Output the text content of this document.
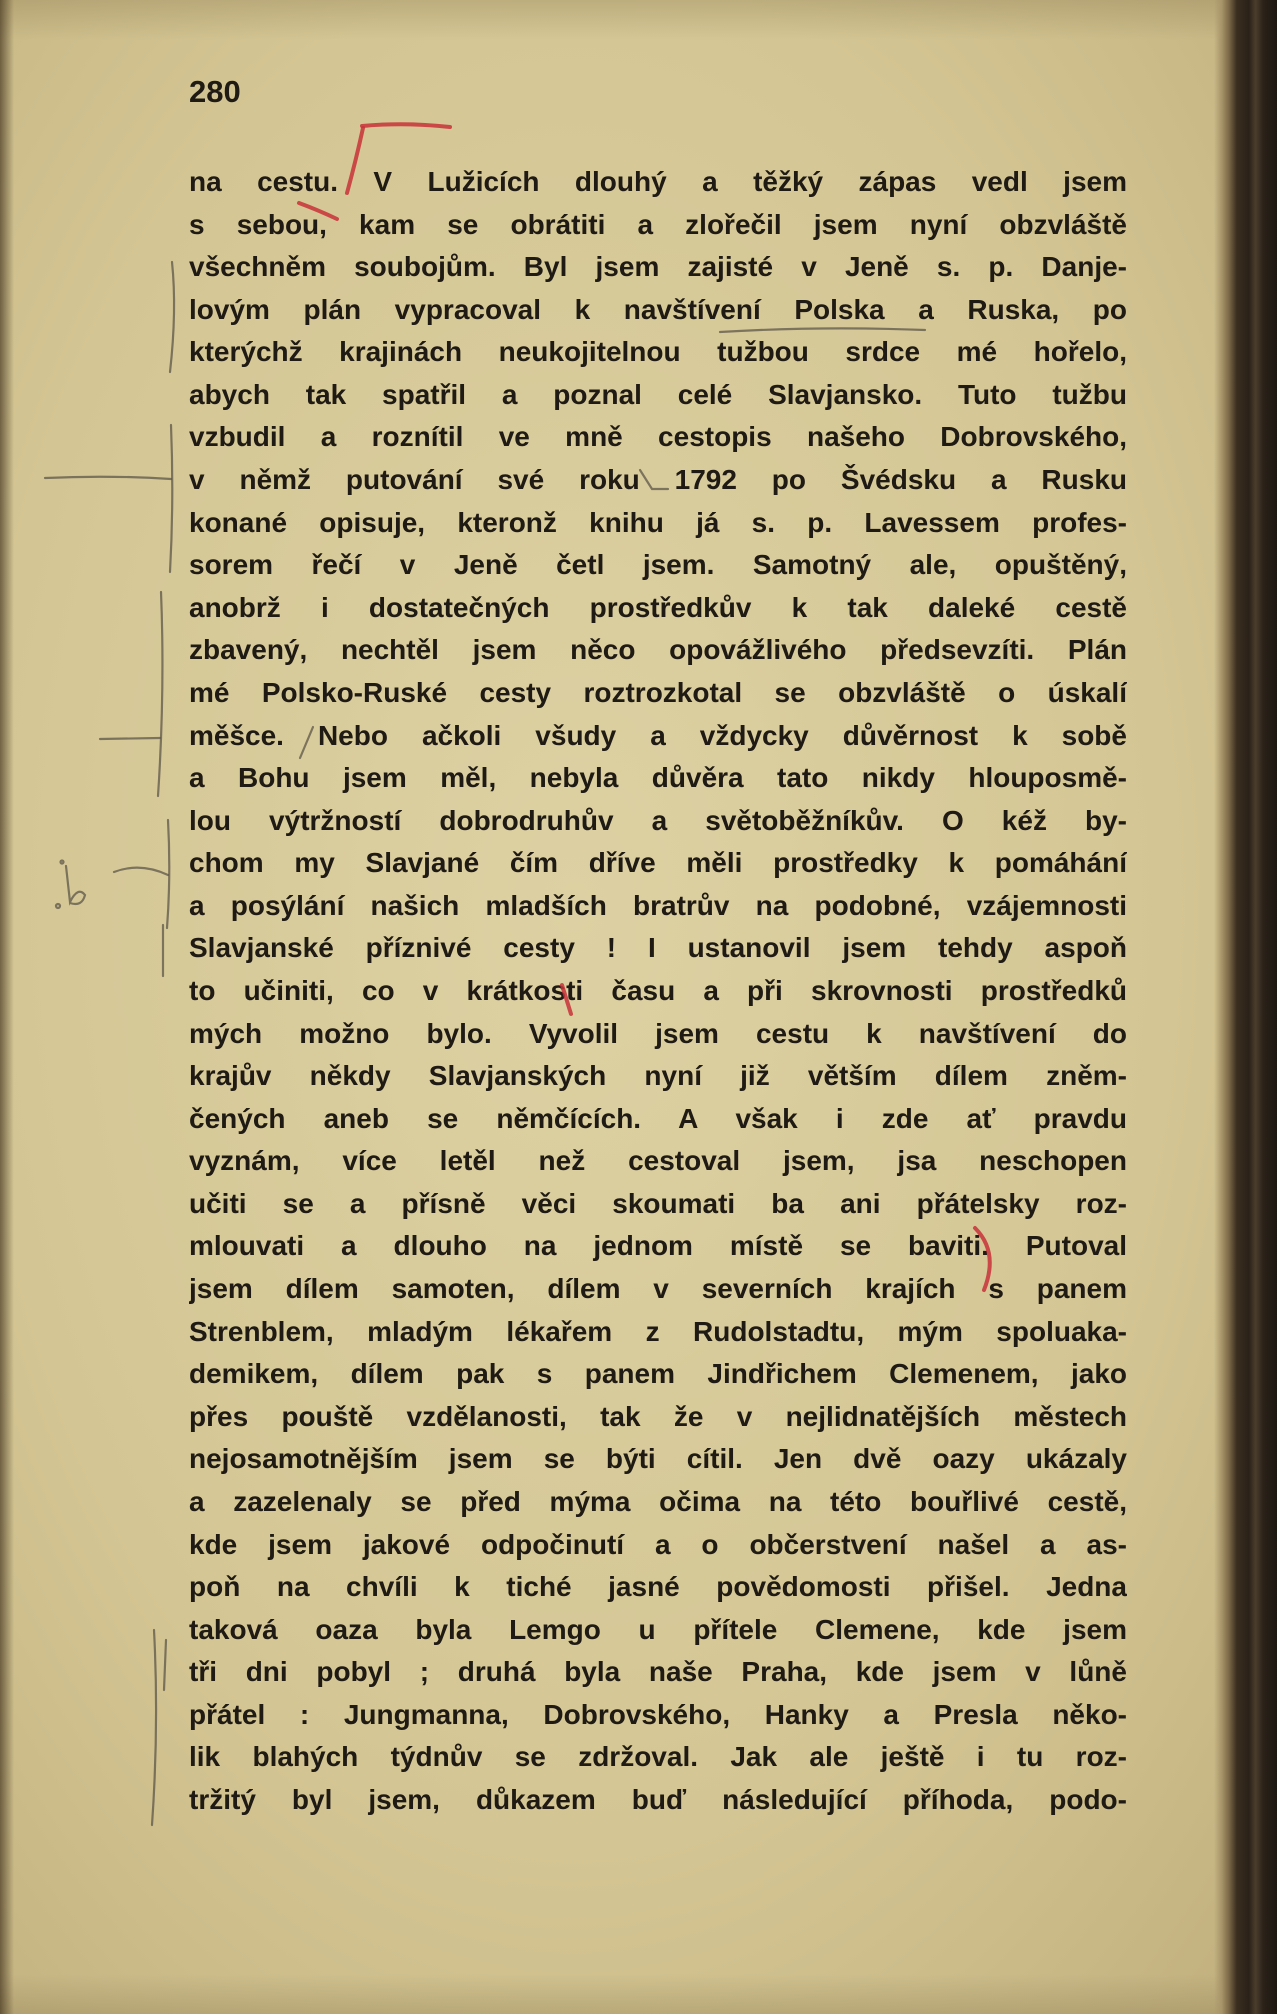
280
na cestu. V Lužicích dlouhý a těžký zápas vedl jsem
s sebou, kam se obrátiti a zlořečil jsem nyní obzvláště
všechněm soubojům. Byl jsem zajisté v Jeně s. p. Danje-
lovým plán vypracoval k navštívení Polska a Ruska, po
kterýchž krajinách neukojitelnou tužbou srdce mé hořelo,
abych tak spatřil a poznal celé Slavjansko. Tuto tužbu
vzbudil a roznítil ve mně cestopis našeho Dobrovského,
v němž putování své roku 1792 po Švédsku a Rusku
konané opisuje, kteronž knihu já s. p. Lavessem profes-
sorem řečí v Jeně četl jsem. Samotný ale, opuštěný,
anobrž i dostatečných prostředkův k tak daleké cestě
zbavený, nechtěl jsem něco opovážlivého předsevzíti. Plán
mé Polsko-Ruské cesty roztrozkotal se obzvláště o úskalí
měšce. Nebo ačkoli všudy a vždycky důvěrnost k sobě
a Bohu jsem měl, nebyla důvěra tato nikdy hlouposmě-
lou výtržností dobrodruhův a světoběžníkův. O kéž by-
chom my Slavjané čím dříve měli prostředky k pomáhání
a posýlání našich mladších bratrův na podobné, vzájemnosti
Slavjanské příznivé cesty ! I ustanovil jsem tehdy aspoň
to učiniti, co v krátkosti času a při skrovnosti prostředků
mých možno bylo. Vyvolil jsem cestu k navštívení do
krajův někdy Slavjanských nyní již větším dílem zněm-
čených aneb se němčících. A však i zde ať pravdu
vyznám, více letěl než cestoval jsem, jsa neschopen
učiti se a přísně věci skoumati ba ani přátelsky roz-
mlouvati a dlouho na jednom místě se baviti. Putoval
jsem dílem samoten, dílem v severních krajích s panem
Strenblem, mladým lékařem z Rudolstadtu, mým spoluaka-
demikem, dílem pak s panem Jindřichem Clemenem, jako
přes pouště vzdělanosti, tak že v nejlidnatějších městech
nejosamotnějším jsem se býti cítil. Jen dvě oazy ukázaly
a zazelenaly se před mýma očima na této bouřlivé cestě,
kde jsem jakové odpočinutí a o občerstvení našel a as-
poň na chvíli k tiché jasné povědomosti přišel. Jedna
taková oaza byla Lemgo u přítele Clemene, kde jsem
tři dni pobyl ; druhá byla naše Praha, kde jsem v lůně
přátel : Jungmanna, Dobrovského, Hanky a Presla něko-
lik blahých týdnův se zdržoval. Jak ale ještě i tu roz-
tržitý byl jsem, důkazem buď následující příhoda, podo-
